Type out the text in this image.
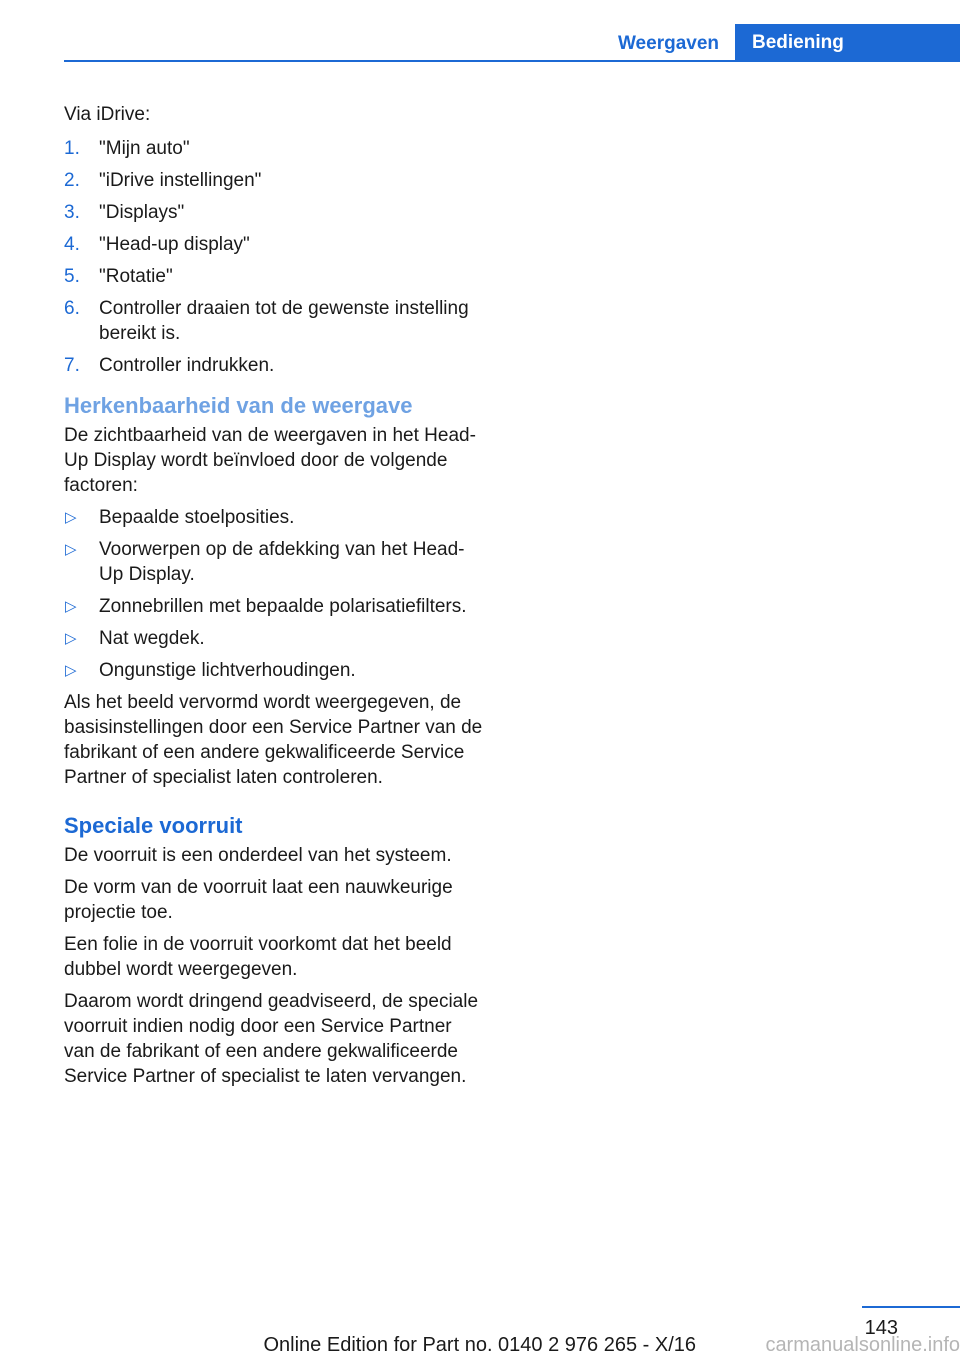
Weergaven	Bediening

Via iDrive:

1. "Mijn auto"
2. "iDrive instellingen"
3. "Displays"
4. "Head-up display"
5. "Rotatie"
6. Controller draaien tot de gewenste instelling bereikt is.
7. Controller indrukken.
Herkenbaarheid van de weergave

De zichtbaarheid van de weergaven in het Head-Up Display wordt beïnvloed door de volgende factoren:

▷ Bepaalde stoelposities.
▷ Voorwerpen op de afdekking van het Head-Up Display.
▷ Zonnebrillen met bepaalde polarisatiefilters.
▷ Nat wegdek.
▷ Ongunstige lichtverhoudingen.

Als het beeld vervormd wordt weergegeven, de basisinstellingen door een Service Partner van de fabrikant of een andere gekwalificeerde Service Partner of specialist laten controleren.

Speciale voorruit

De voorruit is een onderdeel van het systeem.

De vorm van de voorruit laat een nauwkeurige projectie toe.

Een folie in de voorruit voorkomt dat het beeld dubbel wordt weergegeven.

Daarom wordt dringend geadviseerd, de speciale voorruit indien nodig door een Service Partner van de fabrikant of een andere gekwalificeerde Service Partner of specialist te laten vervangen.

143
Online Edition for Part no. 0140 2 976 265 - X/16	carmanualsonline.info
